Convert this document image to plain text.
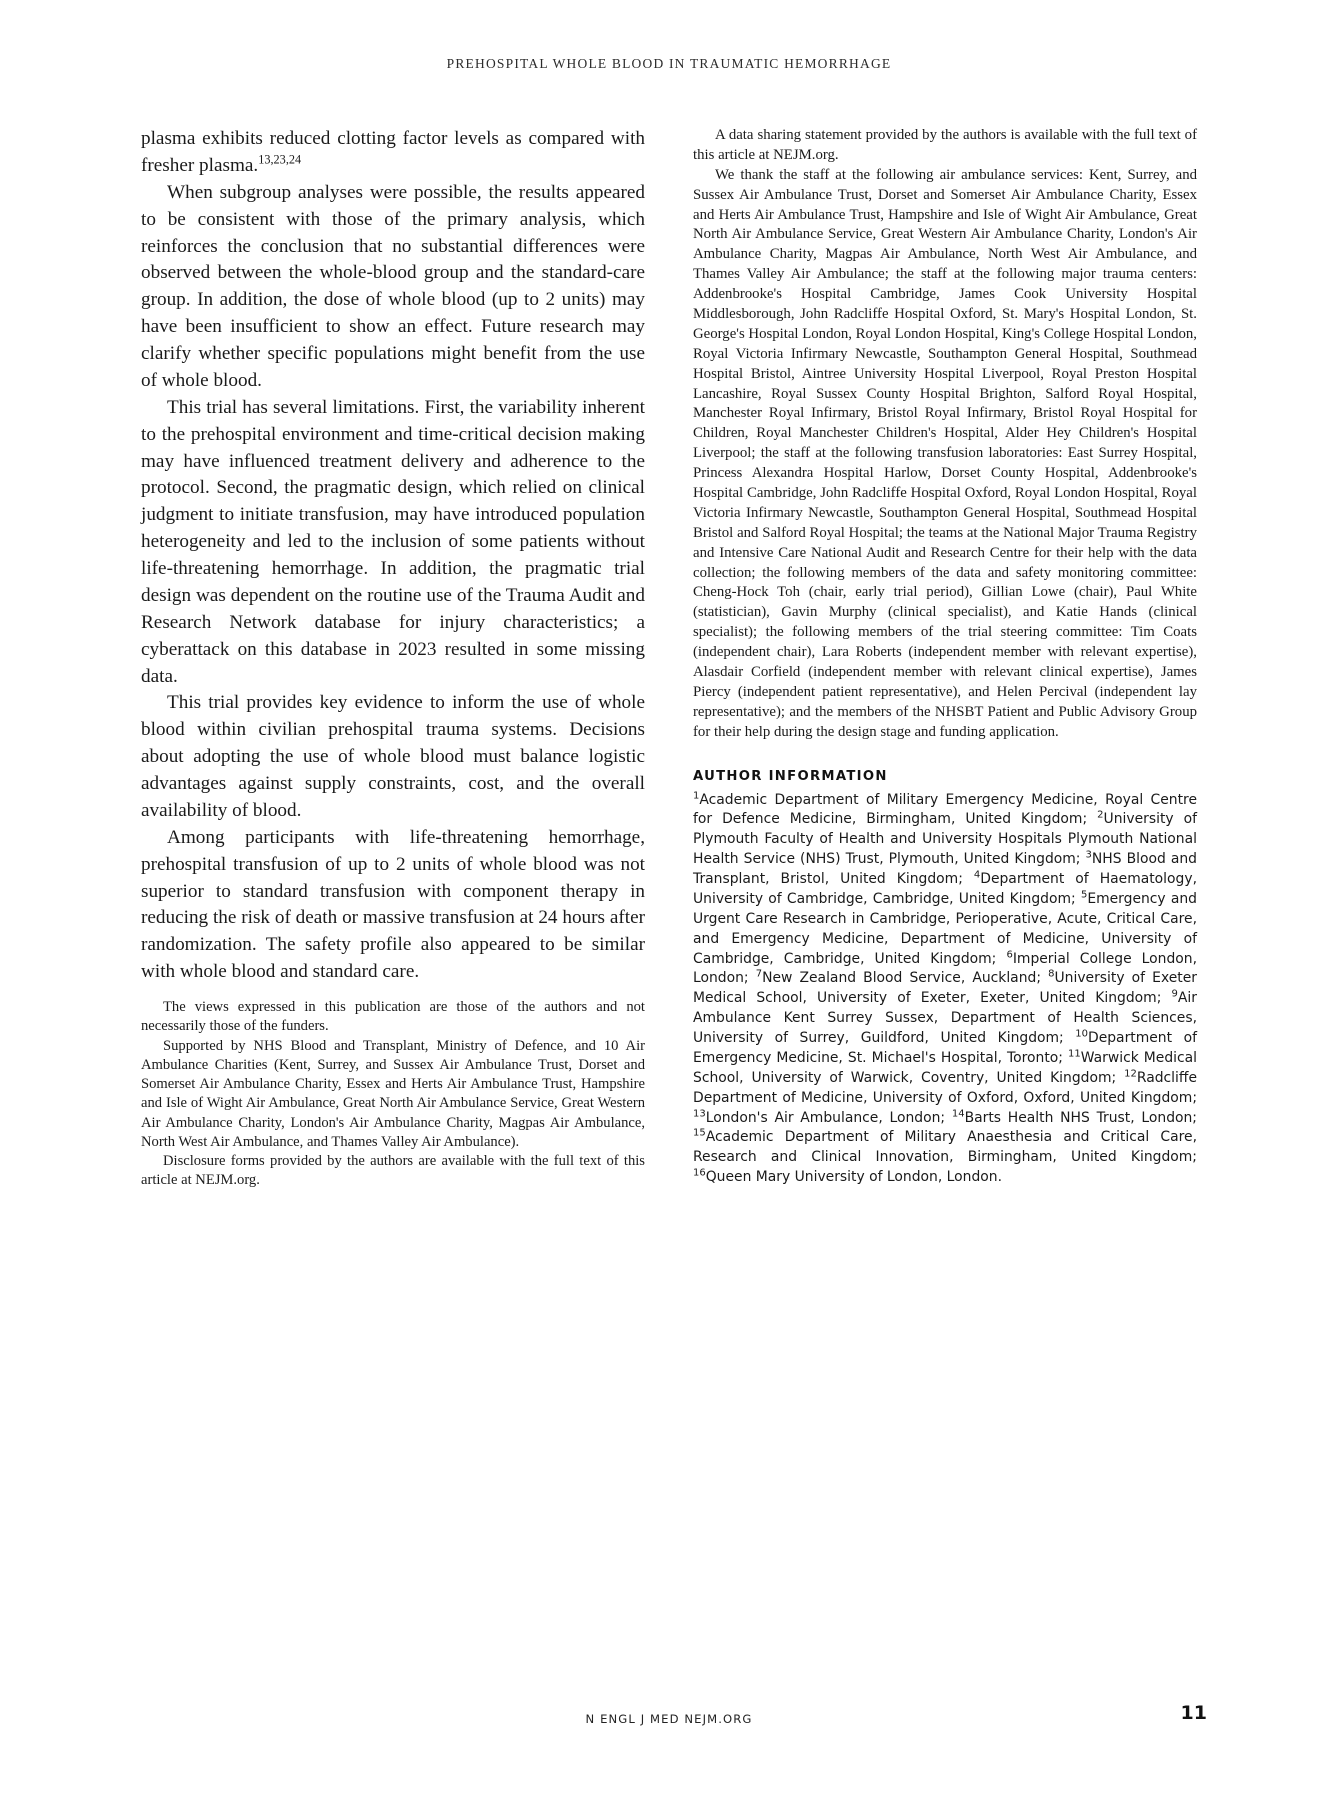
PREHOSPITAL WHOLE BLOOD IN TRAUMATIC HEMORRHAGE

plasma exhibits reduced clotting factor levels as compared with fresher plasma.$^{13,23,24}$

When subgroup analyses were possible, the results appeared to be consistent with those of the primary analysis, which reinforces the conclusion that no substantial differences were observed between the whole-blood group and the standard-care group. In addition, the dose of whole blood (up to 2 units) may have been insufficient to show an effect. Future research may clarify whether specific populations might benefit from the use of whole blood.

This trial has several limitations. First, the variability inherent to the prehospital environment and time-critical decision making may have influenced treatment delivery and adherence to the protocol. Second, the pragmatic design, which relied on clinical judgment to initiate transfusion, may have introduced population heterogeneity and led to the inclusion of some patients without life-threatening hemorrhage. In addition, the pragmatic trial design was dependent on the routine use of the Trauma Audit and Research Network database for injury characteristics; a cyberattack on this database in 2023 resulted in some missing data.

This trial provides key evidence to inform the use of whole blood within civilian prehospital trauma systems. Decisions about adopting the use of whole blood must balance logistic advantages against supply constraints, cost, and the overall availability of blood.

Among participants with life-threatening hemorrhage, prehospital transfusion of up to 2 units of whole blood was not superior to standard transfusion with component therapy in reducing the risk of death or massive transfusion at 24 hours after randomization. The safety profile also appeared to be similar with whole blood and standard care.

The views expressed in this publication are those of the authors and not necessarily those of the funders.

Supported by NHS Blood and Transplant, Ministry of Defence, and 10 Air Ambulance Charities (Kent, Surrey, and Sussex Air Ambulance Trust, Dorset and Somerset Air Ambulance Charity, Essex and Herts Air Ambulance Trust, Hampshire and Isle of Wight Air Ambulance, Great North Air Ambulance Service, Great Western Air Ambulance Charity, London's Air Ambulance Charity, Magpas Air Ambulance, North West Air Ambulance, and Thames Valley Air Ambulance).

Disclosure forms provided by the authors are available with the full text of this article at NEJM.org.

A data sharing statement provided by the authors is available with the full text of this article at NEJM.org.

We thank the staff at the following air ambulance services: Kent, Surrey, and Sussex Air Ambulance Trust, Dorset and Somerset Air Ambulance Charity, Essex and Herts Air Ambulance Trust, Hampshire and Isle of Wight Air Ambulance, Great North Air Ambulance Service, Great Western Air Ambulance Charity, London's Air Ambulance Charity, Magpas Air Ambulance, North West Air Ambulance, and Thames Valley Air Ambulance; the staff at the following major trauma centers: Addenbrooke's Hospital Cambridge, James Cook University Hospital Middlesborough, John Radcliffe Hospital Oxford, St. Mary's Hospital London, St. George's Hospital London, Royal London Hospital, King's College Hospital London, Royal Victoria Infirmary Newcastle, Southampton General Hospital, Southmead Hospital Bristol, Aintree University Hospital Liverpool, Royal Preston Hospital Lancashire, Royal Sussex County Hospital Brighton, Salford Royal Hospital, Manchester Royal Infirmary, Bristol Royal Infirmary, Bristol Royal Hospital for Children, Royal Manchester Children's Hospital, Alder Hey Children's Hospital Liverpool; the staff at the following transfusion laboratories: East Surrey Hospital, Princess Alexandra Hospital Harlow, Dorset County Hospital, Addenbrooke's Hospital Cambridge, John Radcliffe Hospital Oxford, Royal London Hospital, Royal Victoria Infirmary Newcastle, Southampton General Hospital, Southmead Hospital Bristol and Salford Royal Hospital; the teams at the National Major Trauma Registry and Intensive Care National Audit and Research Centre for their help with the data collection; the following members of the data and safety monitoring committee: Cheng-Hock Toh (chair, early trial period), Gillian Lowe (chair), Paul White (statistician), Gavin Murphy (clinical specialist), and Katie Hands (clinical specialist); the following members of the trial steering committee: Tim Coats (independent chair), Lara Roberts (independent member with relevant expertise), Alasdair Corfield (independent member with relevant clinical expertise), James Piercy (independent patient representative), and Helen Percival (independent lay representative); and the members of the NHSBT Patient and Public Advisory Group for their help during the design stage and funding application.

AUTHOR INFORMATION
$^1$Academic Department of Military Emergency Medicine, Royal Centre for Defence Medicine, Birmingham, United Kingdom; $^2$University of Plymouth Faculty of Health and University Hospitals Plymouth National Health Service (NHS) Trust, Plymouth, United Kingdom; $^3$NHS Blood and Transplant, Bristol, United Kingdom; $^4$Department of Haematology, University of Cambridge, Cambridge, United Kingdom; $^5$Emergency and Urgent Care Research in Cambridge, Perioperative, Acute, Critical Care, and Emergency Medicine, Department of Medicine, University of Cambridge, Cambridge, United Kingdom; $^6$Imperial College London, London; $^7$New Zealand Blood Service, Auckland; $^8$University of Exeter Medical School, University of Exeter, Exeter, United Kingdom; $^9$Air Ambulance Kent Surrey Sussex, Department of Health Sciences, University of Surrey, Guildford, United Kingdom; $^{10}$Department of Emergency Medicine, St. Michael's Hospital, Toronto; $^{11}$Warwick Medical School, University of Warwick, Coventry, United Kingdom; $^{12}$Radcliffe Department of Medicine, University of Oxford, Oxford, United Kingdom; $^{13}$London's Air Ambulance, London; $^{14}$Barts Health NHS Trust, London; $^{15}$Academic Department of Military Anaesthesia and Critical Care, Research and Clinical Innovation, Birmingham, United Kingdom; $^{16}$Queen Mary University of London, London.
N ENGL J MED NEJM.ORG	11
